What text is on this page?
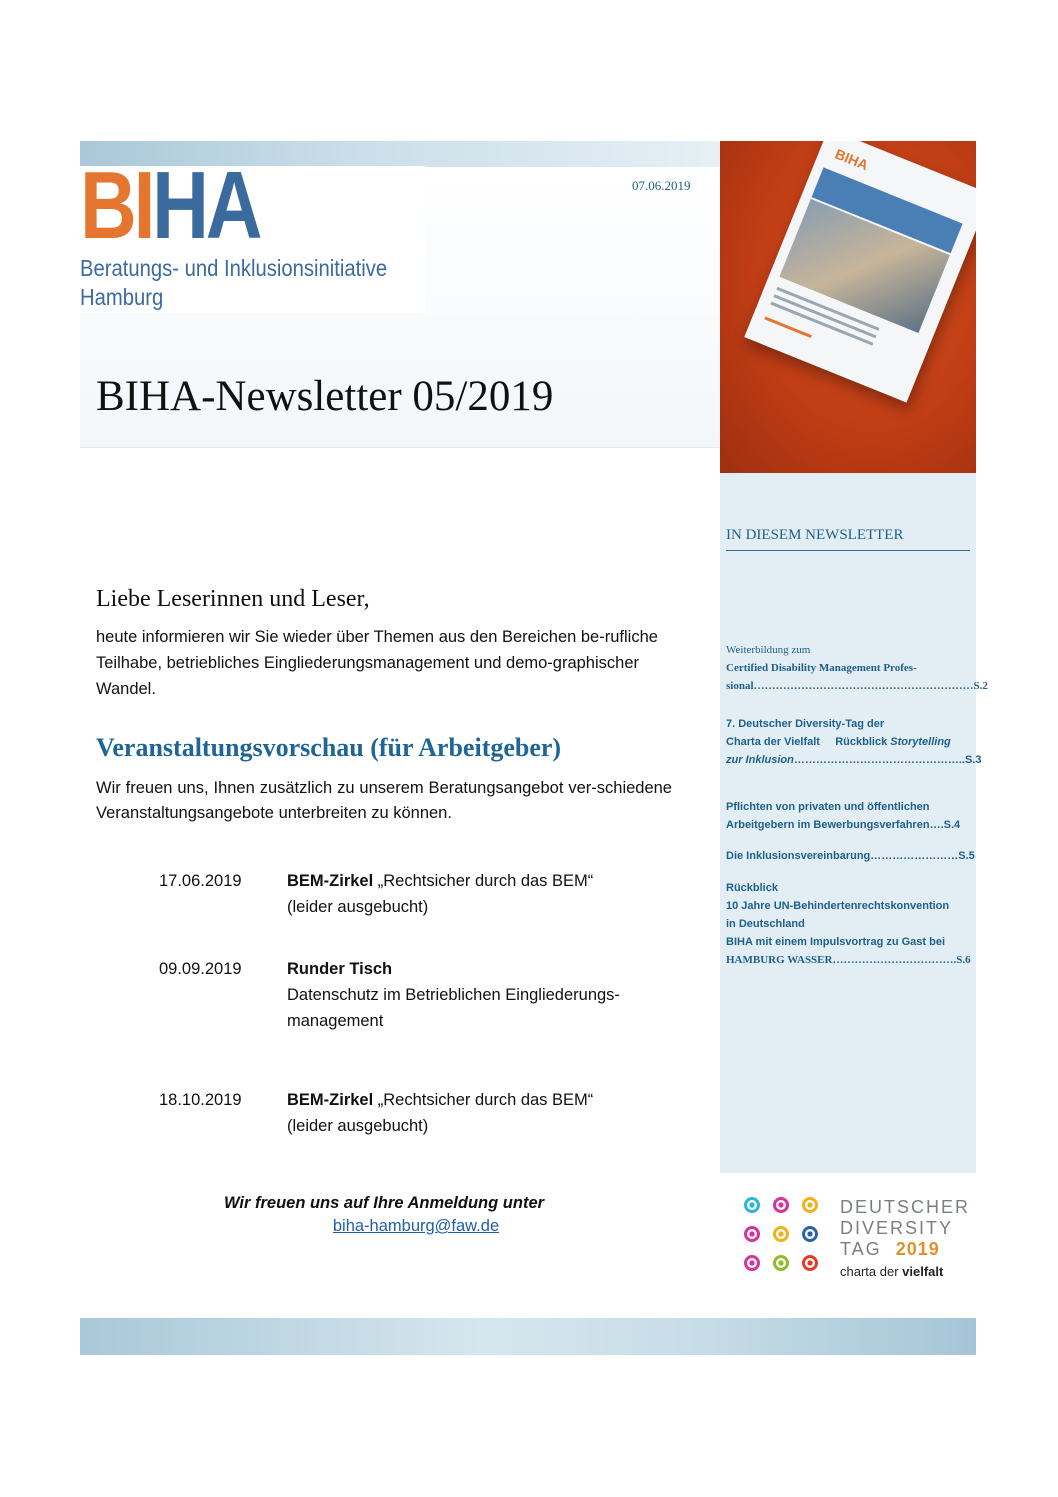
BIHA
Beratungs- und Inklusionsinitiative
Hamburg
07.06.2019
BIHA-Newsletter 05/2019
BIHA
IN DIESEM NEWSLETTER
Weiterbildung zum
Certified Disability Management Profes-
sional……………………………………………………S.2
7. Deutscher Diversity-Tag der
Charta der Vielfalt Rückblick Storytelling
zur Inklusion………………………………………..S.3
Pflichten von privaten und öffentlichen
Arbeitgebern im Bewerbungsverfahren….S.4
Die Inklusionsvereinbarung……………………S.5
Rückblick
10 Jahre UN-Behindertenrechtskonvention
in Deutschland
BIHA mit einem Impulsvortrag zu Gast bei
HAMBURG WASSER…………………………….S.6
Liebe Leserinnen und Leser,
heute informieren wir Sie wieder über Themen aus den Bereichen be-rufliche Teilhabe, betriebliches Eingliederungsmanagement und demo-graphischer Wandel.
Veranstaltungsvorschau (für Arbeitgeber)
Wir freuen uns, Ihnen zusätzlich zu unserem Beratungsangebot ver-schiedene Veranstaltungsangebote unterbreiten zu können.
17.06.2019	BEM-Zirkel „Rechtsicher durch das BEM“
(leider ausgebucht)
09.09.2019	Runder Tisch
Datenschutz im Betrieblichen Eingliederungs-management
18.10.2019	BEM-Zirkel „Rechtsicher durch das BEM“
(leider ausgebucht)
Wir freuen uns auf Ihre Anmeldung unter
biha-hamburg@faw.de
DEUTSCHER
DIVERSITY
TAG 2019
charta der vielfalt
